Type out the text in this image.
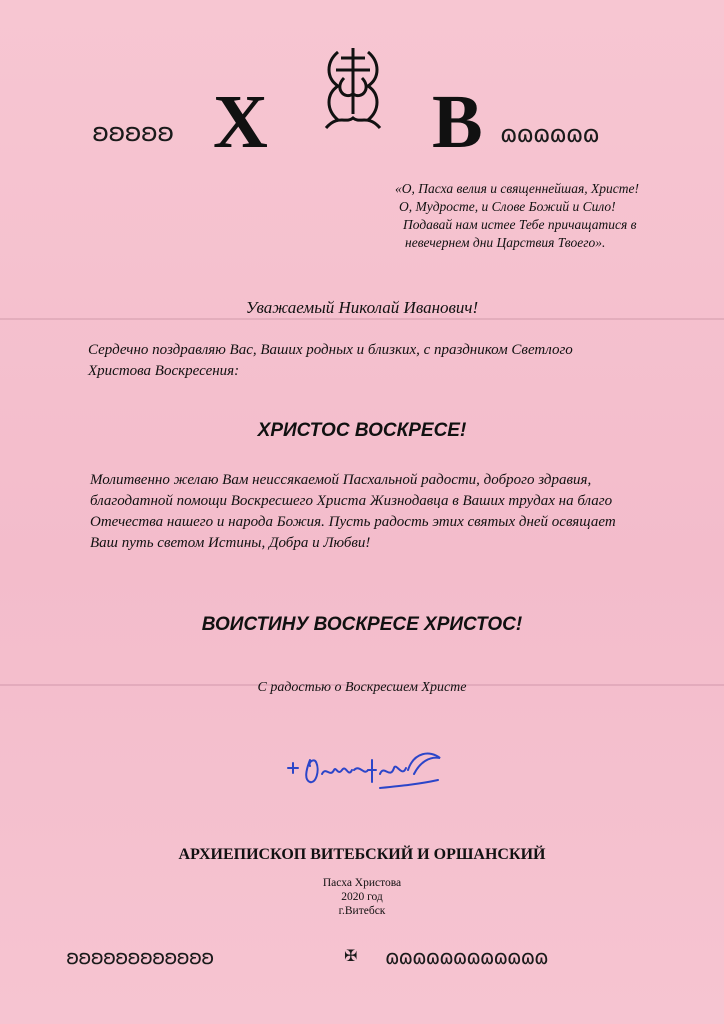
ʚʚʚʚʚ Х В ɷɷɷɷɷɷ
«О, Пасха велия и священнейшая, Христе!
О, Мудросте, и Слове Божий и Сило!
Подавай нам истее Тебе причащатися в
невечернем дни Царствия Твоего».
Уважаемый Николай Иванович!
Сердечно поздравляю Вас, Ваших родных и близких, с праздником Светлого
Христова Воскресения:
ХРИСТОС ВОСКРЕСЕ!
Молитвенно желаю Вам неиссякаемой Пасхальной радости, доброго здравия,
благодатной помощи Воскресшего Христа Жизнодавца в Ваших трудах на благо
Отечества нашего и народа Божия. Пусть радость этих святых дней освящает
Ваш путь светом Истины, Добра и Любви!
ВОИСТИНУ ВОСКРЕСЕ ХРИСТОС!
С радостью о Воскресшем Христе
АРХИЕПИСКОП ВИТЕБСКИЙ И ОРШАНСКИЙ
Пасха Христова
2020 год
г.Витебск
ʚʚʚʚʚʚʚʚʚʚʚʚ	✠ ɷɷɷɷɷɷɷɷɷɷɷɷ
